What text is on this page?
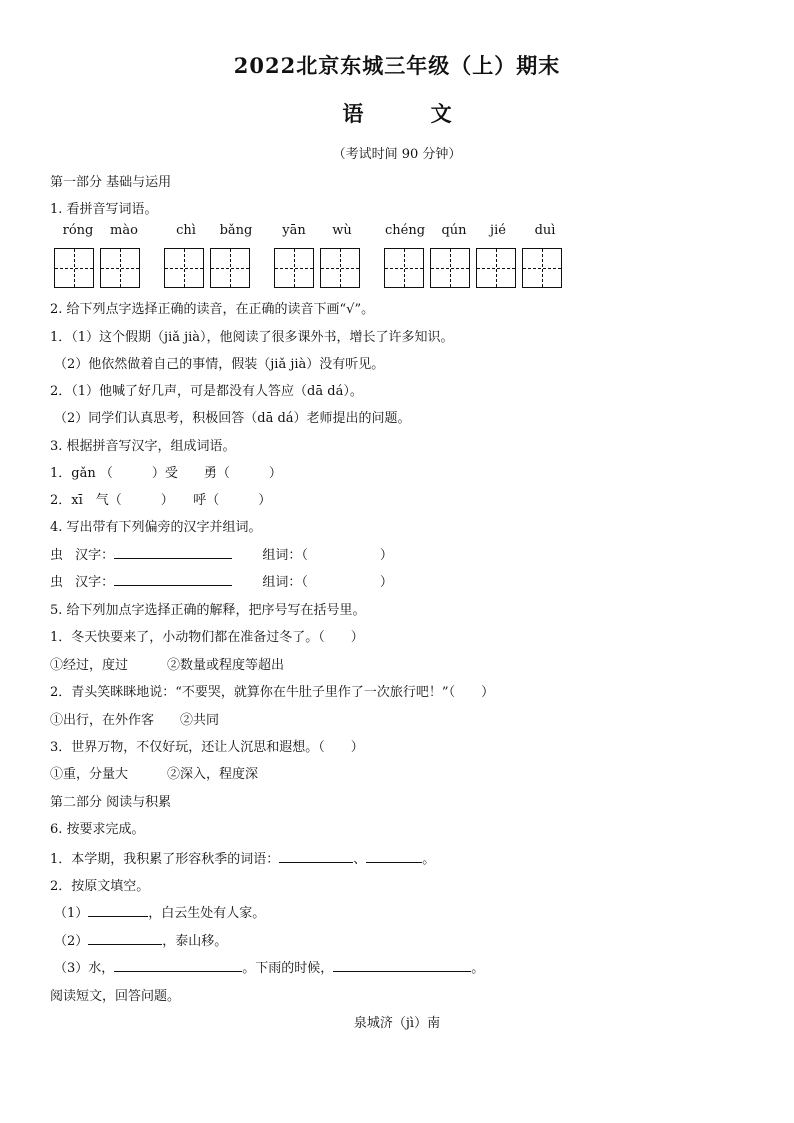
2022北京东城三年级（上）期末
语	文
（考试时间 90 分钟）
第一部分 基础与运用
1. 看拼音写词语。
róng	mào	chì	bǎng	yān	wù	chéng	qún	jié	duì
2. 给下列点字选择正确的读音，在正确的读音下画“√”。
1．（1）这个假期（jiǎ jià），他阅读了很多课外书，增长了许多知识。
（2）他依然做着自己的事情，假装（jiǎ jià）没有听见。
2．（1）他喊了好几声，可是都没有人答应（dā dá）。
（2）同学们认真思考，积极回答（dā dá）老师提出的问题。
3. 根据拼音写汉字，组成词语。
1．gǎn （　　　）受　　勇（　　　）
2．xī　气（　　　）　　呼（　　　）
4. 写出带有下列偏旁的汉字并组词。
虫 汉字：	组词：（	）
虫 汉字：	组词：（	）
5. 给下列加点字选择正确的解释，把序号写在括号里。
1．冬天快要来了，小动物们都在准备过冬了。（　　）
①经过，度过　　　②数量或程度等超出
2．青头笑眯眯地说：“不要哭，就算你在牛肚子里作了一次旅行吧！”（　　）
①出行，在外作客　　②共同
3．世界万物，不仅好玩，还让人沉思和遐想。（　　）
①重，分量大　　　②深入，程度深
第二部分 阅读与积累
6. 按要求完成。
1．本学期，我积累了形容秋季的词语：	、	。
2．按原文填空。
（1）	，白云生处有人家。
（2）	，泰山移。
（3）水，	。下雨的时候，	。
阅读短文，回答问题。
泉城济（jì）南
